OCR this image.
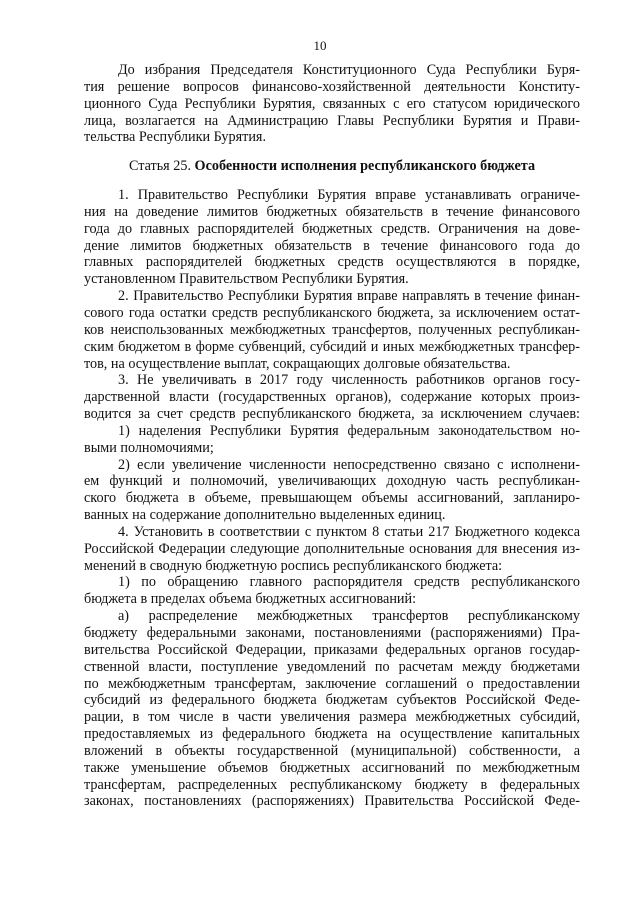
10
До избрания Председателя Конституционного Суда Республики Буря-
тия решение вопросов финансово-хозяйственной деятельности Конститу-
ционного Суда Республики Бурятия, связанных с его статусом юридического
лица, возлагается на Администрацию Главы Республики Бурятия и Прави-
тельства Республики Бурятия.
Статья 25. Особенности исполнения республиканского бюджета
1. Правительство Республики Бурятия вправе устанавливать ограниче-
ния на доведение лимитов бюджетных обязательств в течение финансового
года до главных распорядителей бюджетных средств. Ограничения на дове-
дение лимитов бюджетных обязательств в течение финансового года до
главных распорядителей бюджетных средств осуществляются в порядке,
установленном Правительством Республики Бурятия.
2. Правительство Республики Бурятия вправе направлять в течение финан-
сового года остатки средств республиканского бюджета, за исключением остат-
ков неиспользованных межбюджетных трансфертов, полученных республикан-
ским бюджетом в форме субвенций, субсидий и иных межбюджетных трансфер-
тов, на осуществление выплат, сокращающих долговые обязательства.
3. Не увеличивать в 2017 году численность работников органов госу-
дарственной власти (государственных органов), содержание которых произ-
водится за счет средств республиканского бюджета, за исключением случаев:
1) наделения Республики Бурятия федеральным законодательством но-
выми полномочиями;
2) если увеличение численности непосредственно связано с исполнени-
ем функций и полномочий, увеличивающих доходную часть республикан-
ского бюджета в объеме, превышающем объемы ассигнований, запланиро-
ванных на содержание дополнительно выделенных единиц.
4. Установить в соответствии с пунктом 8 статьи 217 Бюджетного кодекса
Российской Федерации следующие дополнительные основания для внесения из-
менений в сводную бюджетную роспись республиканского бюджета:
1) по обращению главного распорядителя средств республиканского
бюджета в пределах объема бюджетных ассигнований:
а) распределение межбюджетных трансфертов республиканскому
бюджету федеральными законами, постановлениями (распоряжениями) Пра-
вительства Российской Федерации, приказами федеральных органов государ-
ственной власти, поступление уведомлений по расчетам между бюджетами
по межбюджетным трансфертам, заключение соглашений о предоставлении
субсидий из федерального бюджета бюджетам субъектов Российской Феде-
рации, в том числе в части увеличения размера межбюджетных субсидий,
предоставляемых из федерального бюджета на осуществление капитальных
вложений в объекты государственной (муниципальной) собственности, а
также уменьшение объемов бюджетных ассигнований по межбюджетным
трансфертам, распределенных республиканскому бюджету в федеральных
законах, постановлениях (распоряжениях) Правительства Российской Феде-
